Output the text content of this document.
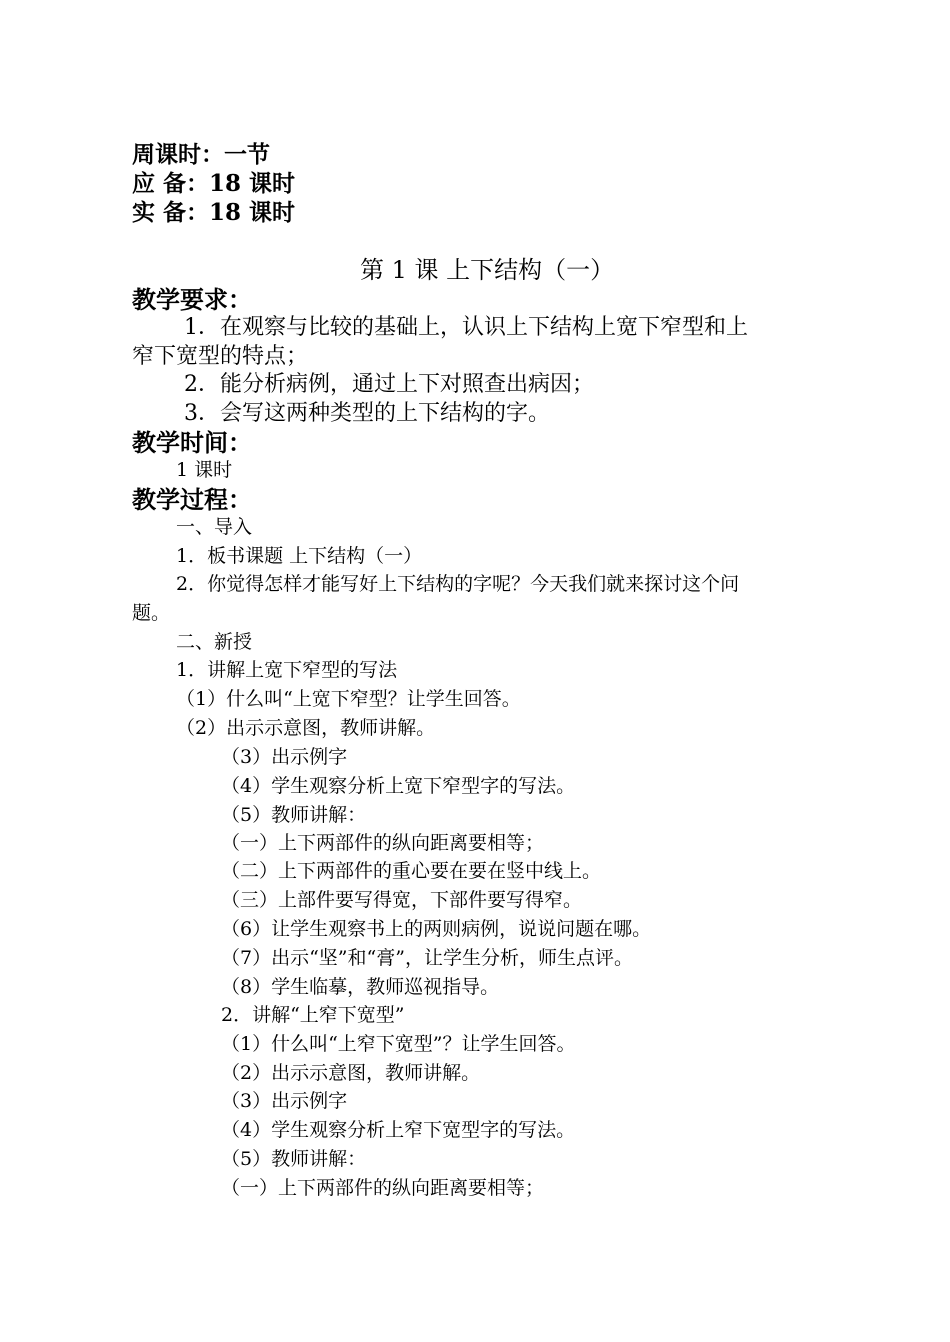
周课时：一节
应 备：18 课时
实 备：18 课时
第 1 课 上下结构（一）
教学要求：
1．在观察与比较的基础上，认识上下结构上宽下窄型和上
窄下宽型的特点；
2．能分析病例，通过上下对照查出病因；
3．会写这两种类型的上下结构的字。
教学时间：
1 课时
教学过程：
一、导入
1．板书课题 上下结构（一）
2．你觉得怎样才能写好上下结构的字呢？今天我们就来探讨这个问
题。
二、新授
1．讲解上宽下窄型的写法
（1）什么叫“上宽下窄型？让学生回答。
（2）出示示意图，教师讲解。
（3）出示例字
（4）学生观察分析上宽下窄型字的写法。
（5）教师讲解：
（一）上下两部件的纵向距离要相等；
（二）上下两部件的重心要在要在竖中线上。
（三）上部件要写得宽，下部件要写得窄。
（6）让学生观察书上的两则病例，说说问题在哪。
（7）出示“坚”和“膏”，让学生分析，师生点评。
（8）学生临摹，教师巡视指导。
2．讲解“上窄下宽型”
（1）什么叫“上窄下宽型”？让学生回答。
（2）出示示意图，教师讲解。
（3）出示例字
（4）学生观察分析上窄下宽型字的写法。
（5）教师讲解：
（一）上下两部件的纵向距离要相等；
